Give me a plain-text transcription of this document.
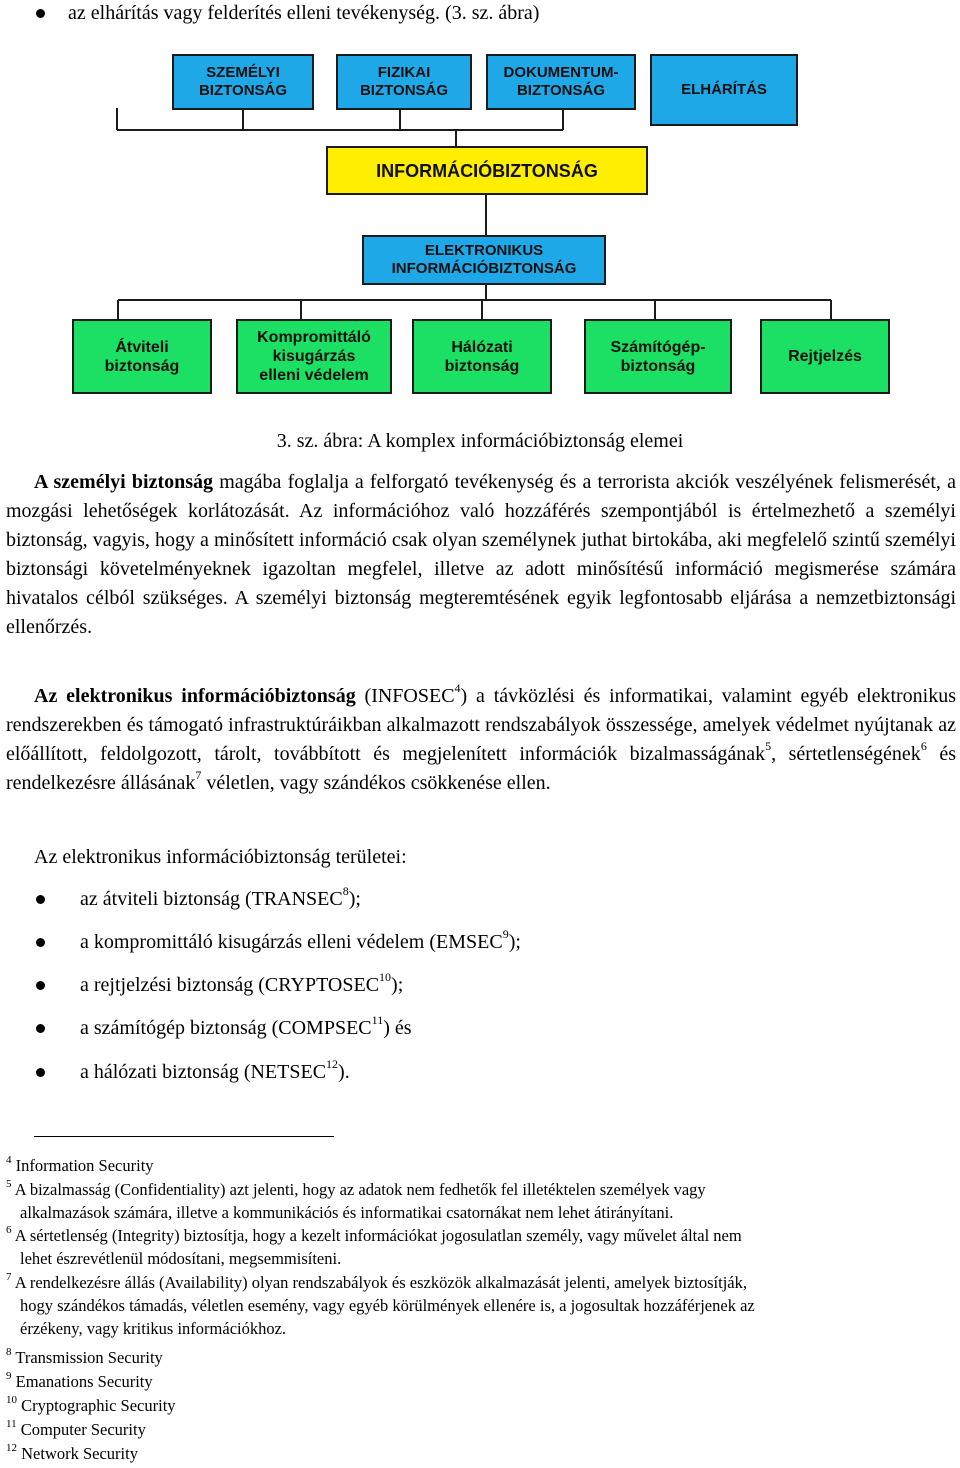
az elhárítás vagy felderítés elleni tevékenység. (3. sz. ábra)
SZEMÉLYI
BIZTONSÁG
FIZIKAI
BIZTONSÁG
DOKUMENTUM-
BIZTONSÁG	ELHÁRÍTÁS
INFORMÁCIÓBIZTONSÁG
ELEKTRONIKUS
INFORMÁCIÓBIZTONSÁG
Átviteli
biztonság
Kompromittáló
kisugárzás
elleni védelem
Hálózati
biztonság
Számítógép-
biztonság
Rejtjelzés
3. sz. ábra: A komplex információbiztonság elemei
A személyi biztonság magába foglalja a felforgató tevékenység és a terrorista akciók veszélyének felismerését, a mozgási lehetőségek korlátozását. Az információhoz való hozzáférés szempontjából is értelmezhető a személyi biztonság, vagyis, hogy a minősített információ csak olyan személynek juthat birtokába, aki megfelelő szintű személyi biztonsági követelményeknek igazoltan megfelel, illetve az adott minősítésű információ megismerése számára hivatalos célból szükséges. A személyi biztonság megteremtésének egyik legfontosabb eljárása a nemzetbiztonsági ellenőrzés.
Az elektronikus információbiztonság (INFOSEC$^4$) a távközlési és informatikai, valamint egyéb elektronikus rendszerekben és támogató infrastruktúráikban alkalmazott rendszabályok összessége, amelyek védelmet nyújtanak az előállított, feldolgozott, tárolt, továbbított és megjelenített információk bizalmasságának$^5$, sértetlenségének$^6$ és rendelkezésre állásának$^7$ véletlen, vagy szándékos csökkenése ellen.
Az elektronikus információbiztonság területei:
az átviteli biztonság (TRANSEC$^8$);
a kompromittáló kisugárzás elleni védelem (EMSEC$^9$);
a rejtjelzési biztonság (CRYPTOSEC$^{10}$);
a számítógép biztonság (COMPSEC$^{11}$) és
a hálózati biztonság (NETSEC$^{12}$).
$^4$ Information Security
$^5$ A bizalmasság (Confidentiality) azt jelenti, hogy az adatok nem fedhetők fel illetéktelen személyek vagy
alkalmazások számára, illetve a kommunikációs és informatikai csatornákat nem lehet átirányítani.
$^6$ A sértetlenség (Integrity) biztosítja, hogy a kezelt információkat jogosulatlan személy, vagy művelet által nem
lehet észrevétlenül módosítani, megsemmisíteni.
$^7$ A rendelkezésre állás (Availability) olyan rendszabályok és eszközök alkalmazását jelenti, amelyek biztosítják,
hogy szándékos támadás, véletlen esemény, vagy egyéb körülmények ellenére is, a jogosultak hozzáférjenek az
érzékeny, vagy kritikus információkhoz.
$^8$ Transmission Security
$^9$ Emanations Security
$^{10}$ Cryptographic Security
$^{11}$ Computer Security
$^{12}$ Network Security
